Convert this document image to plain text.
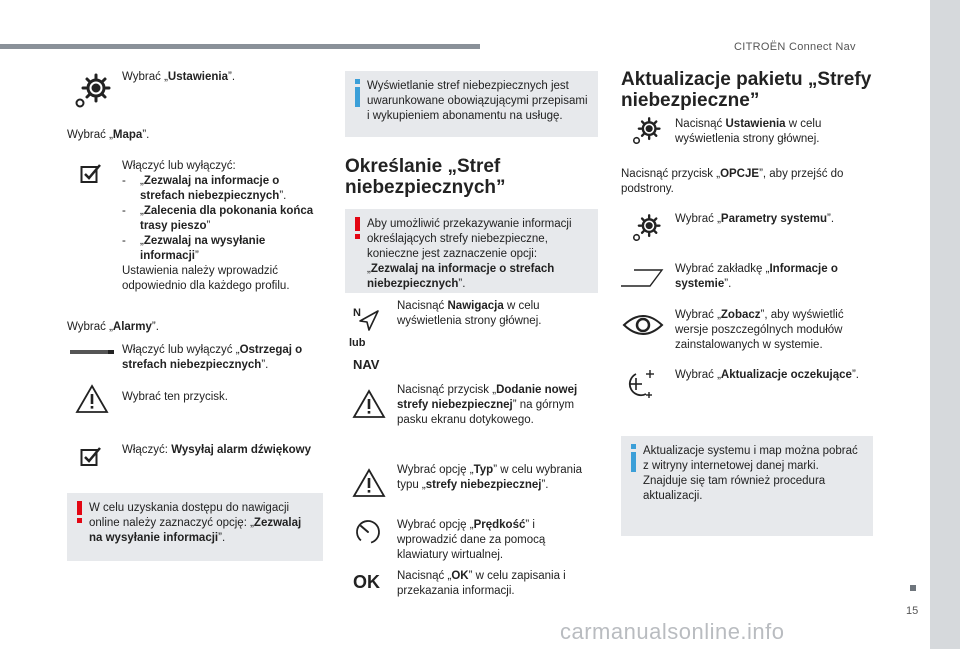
CITROËN Connect Nav
15
Wybrać „Ustawienia”.
Wybrać „Mapa”.
Włączyć lub wyłączyć:
- „Zezwalaj na informacje o strefach niebezpiecznych”.
- „Zalecenia dla pokonania końca trasy pieszo”
- „Zezwalaj na wysyłanie informacji”
Ustawienia należy wprowadzić odpowiednio dla każdego profilu.
Wybrać „Alarmy”.
Włączyć lub wyłączyć „Ostrzegaj o strefach niebezpiecznych”.
Wybrać ten przycisk.
Włączyć: Wysyłaj alarm dźwiękowy
W celu uzyskania dostępu do nawigacji online należy zaznaczyć opcję: „Zezwalaj na wysyłanie informacji”.
Wyświetlanie stref niebezpiecznych jest uwarunkowane obowiązującymi przepisami i wykupieniem abonamentu na usługę.
Określanie „Stref niebezpiecznych”
Aby umożliwić przekazywanie informacji określających strefy niebezpieczne, konieczne jest zaznaczenie opcji: „Zezwalaj na informacje o strefach niebezpiecznych”.
N
lub
NAV
Nacisnąć Nawigacja w celu wyświetlenia strony głównej.
Nacisnąć przycisk „Dodanie nowej strefy niebezpiecznej” na górnym pasku ekranu dotykowego.
Wybrać opcję „Typ” w celu wybrania typu „strefy niebezpiecznej”.
Wybrać opcję „Prędkość” i wprowadzić dane za pomocą klawiatury wirtualnej.
OK Nacisnąć „OK” w celu zapisania i przekazania informacji.
Aktualizacje pakietu „Strefy niebezpieczne”
Nacisnąć Ustawienia w celu wyświetlenia strony głównej.
Nacisnąć przycisk „OPCJE”, aby przejść do podstrony.
Wybrać „Parametry systemu”.
Wybrać zakładkę „Informacje o systemie”.
Wybrać „Zobacz”, aby wyświetlić wersje poszczególnych modułów zainstalowanych w systemie.
Wybrać „Aktualizacje oczekujące”.
Aktualizacje systemu i map można pobrać z witryny internetowej danej marki. Znajduje się tam również procedura aktualizacji.
carmanualsonline.info
